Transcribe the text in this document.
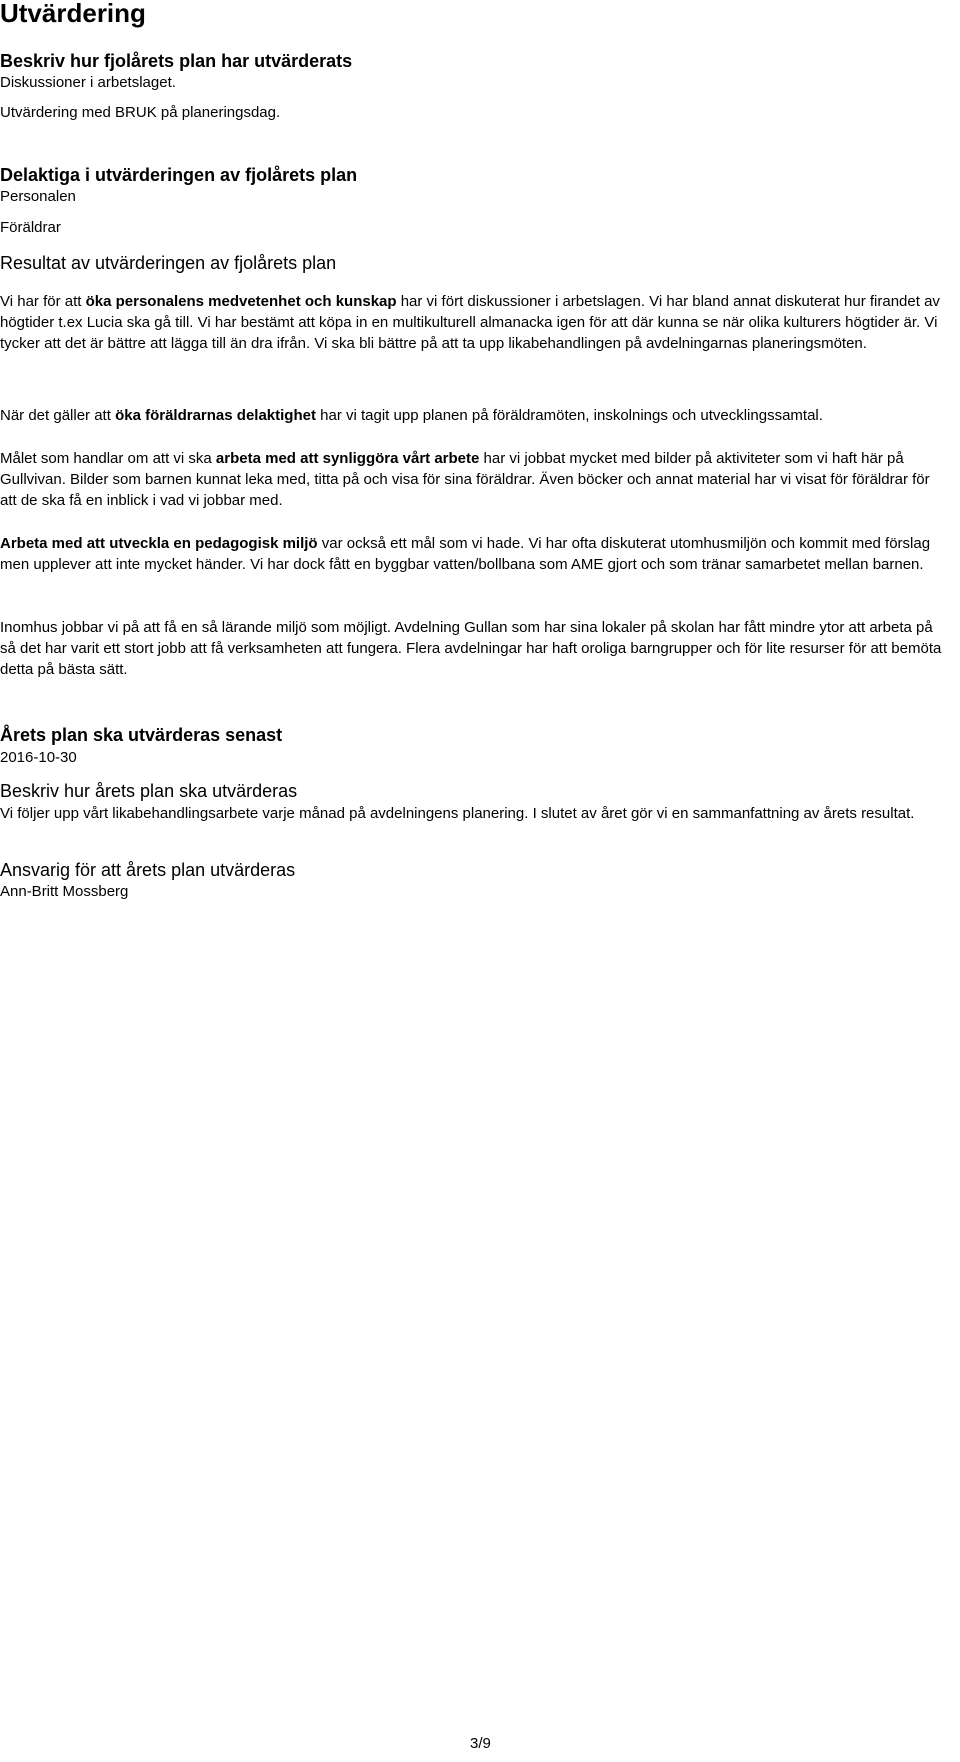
Utvärdering
Beskriv hur fjolårets plan har utvärderats
Diskussioner i arbetslaget.
Utvärdering med BRUK på planeringsdag.
Delaktiga i utvärderingen av fjolårets plan
Personalen
Föräldrar
Resultat av utvärderingen av fjolårets plan

Vi har för att öka personalens medvetenhet och kunskap har vi fört diskussioner i arbetslagen. Vi har bland annat diskuterat hur firandet av högtider t.ex Lucia ska gå till. Vi har bestämt att köpa in en multikulturell almanacka igen för att där kunna se när olika kulturers högtider är. Vi tycker att det är bättre att lägga till än dra ifrån. Vi ska bli bättre på att ta upp likabehandlingen på avdelningarnas planeringsmöten.

När det gäller att öka föräldrarnas delaktighet har vi tagit upp planen på föräldramöten, inskolnings och utvecklingssamtal.

Målet som handlar om att vi ska arbeta med att synliggöra vårt arbete har vi jobbat mycket med bilder på aktiviteter som vi haft här på Gullvivan. Bilder som barnen kunnat leka med, titta på och visa för sina föräldrar. Även böcker och annat material har vi visat för föräldrar för att de ska få en inblick i vad vi jobbar med.

Arbeta med att utveckla en pedagogisk miljö var också ett mål som vi hade. Vi har ofta diskuterat utomhusmiljön och kommit med förslag men upplever att inte mycket händer. Vi har dock fått en byggbar vatten/bollbana som AME gjort och som tränar samarbetet mellan barnen.

Inomhus jobbar vi på att få en så lärande miljö som möjligt. Avdelning Gullan som har sina lokaler på skolan har fått mindre ytor att arbeta på så det har varit ett stort jobb att få verksamheten att fungera. Flera avdelningar har haft oroliga barngrupper och för lite resurser för att bemöta detta på bästa sätt.

Årets plan ska utvärderas senast
2016-10-30
Beskriv hur årets plan ska utvärderas

Vi följer upp vårt likabehandlingsarbete varje månad på avdelningens planering. I slutet av året gör vi en sammanfattning av årets resultat.

Ansvarig för att årets plan utvärderas
Ann-Britt Mossberg
3/9
